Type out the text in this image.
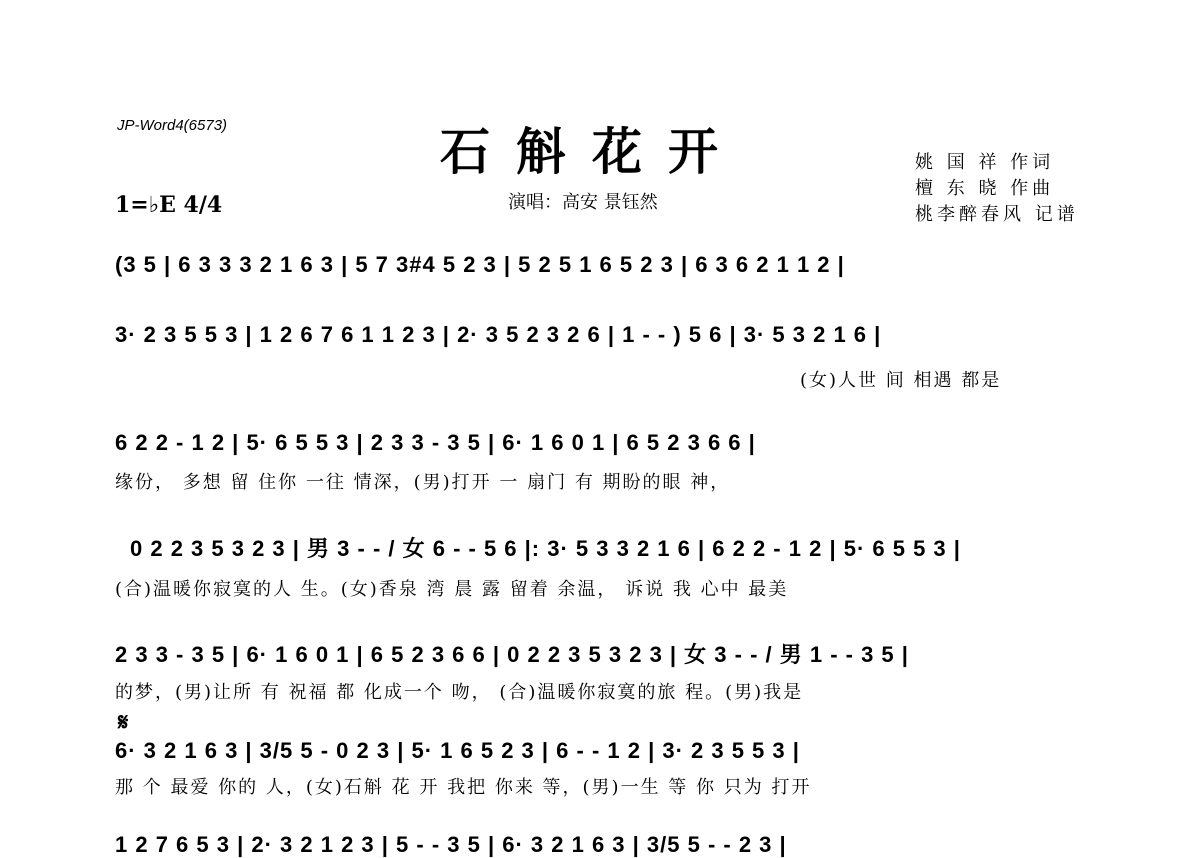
JP-Word4(6573)	石斛花开
演唱：高安 景钰然
1=♭E 4/4
姚 国 祥 作词
檀 东 晓 作曲
桃李醉春风 记谱
(3 5 | 6 3 3 3 2 1 6 3 | 5 7 3#4 5 2 3 | 5 2 5 1 6 5 2 3 | 6 3 6 2 1 1 2 |
3· 2 3 5 5 3 | 1 2 6 7 6 1 1 2 3 | 2· 3 5 2 3 2 6 | 1 - - ) 5 6 | 3· 5 3 2 1 6 |
(女)人世 间 相遇 都是
6 2 2 - 1 2 | 5· 6 5 5 3 | 2 3 3 - 3 5 | 6· 1 6 0 1 | 6 5 2 3 6 6 |
缘份， 多想 留 住你 一往 情深，(男)打开 一 扇门 有 期盼的眼 神，
0 2 2 3 5 3 2 3 | 男 3 - - / 女 6 - - 5 6 |: 3· 5 3 3 2 1 6 | 6 2 2 - 1 2 | 5· 6 5 5 3 |
(合)温暖你寂寞的人 生。(女)香泉 湾 晨 露 留着 余温， 诉说 我 心中 最美
2 3 3 - 3 5 | 6· 1 6 0 1 | 6 5 2 3 6 6 | 0 2 2 3 5 3 2 3 | 女 3 - - / 男 1 - - 3 5 |
的梦，(男)让所 有 祝福 都 化成一个 吻， (合)温暖你寂寞的旅 程。(男)我是
𝄋
6· 3 2 1 6 3 | 3/5 5 - 0 2 3 | 5· 1 6 5 2 3 | 6 - - 1 2 | 3· 2 3 5 5 3 |
那 个 最爱 你的 人，(女)石斛 花 开 我把 你来 等，(男)一生 等 你 只为 打开
1 2 7 6 5 3 | 2· 3 2 1 2 3 | 5 - - 3 5 | 6· 3 2 1 6 3 | 3/5 5 - - 2 3 |
